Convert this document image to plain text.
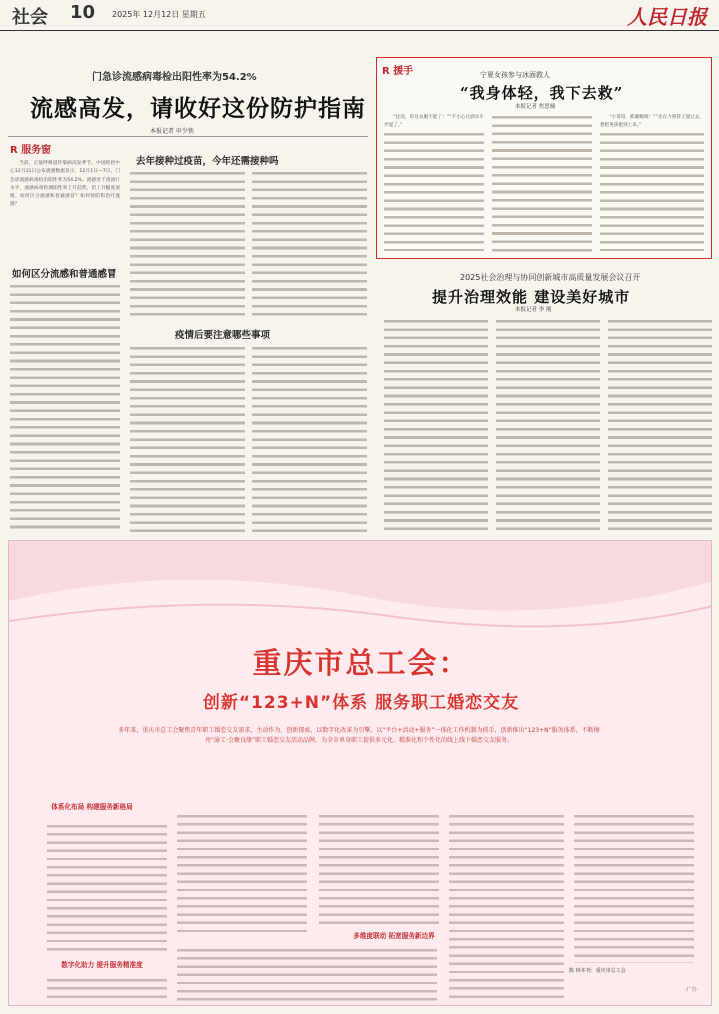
社会 10 2025年 12月12日 星期五	人民日报
门急诊流感病毒检出阳性率为54.2%
流感高发，请收好这份防护指南
本报记者 申少铁
R 服务窗

当前，正值呼吸道传染病高发季节，中国疾控中心12月11日公布流感数据显示，12月1日—7日，门急诊流感病毒检出阳性率为54.2%。流感处于高流行水平，流感病毒检测阳性率上升趋势，但上升幅度放缓。如何区分流感和普通感冒？如何预防和治疗流感？

如何区分流感和普通感冒
去年接种过疫苗，今年还需接种吗
疫情后要注意哪些事项
R 援手	宁夏女孩参与冰面救人
“我身体轻，我下去救”
本报记者 焦思楠

“往前，你这衣服不能了！”“不小心让酒水车弄湿了。”

“小哥哥，抓紧她呀！”“先在力将管子递过去，想把男孩抱到上来。”

2025社会治理与协同创新城市高质量发展会议召开
提升治理效能 建设美好城市
本报记者 李 刚
重庆市总工会：
创新“123+N”体系 服务职工婚恋交友
多年来，重庆市总工会聚焦青年职工婚恋交友需求，主动作为、创新探索，以数字化改革为引擎，以“平台+活动+服务”一体化工作机制为抓手，创新推出“123+N”服务体系，不断擦亮“渝工·会聚良缘”职工婚恋交友活动品牌，为全市单身职工提供多元化、精准化和个性化的线上线下婚恋交友服务。
体系化布局 构建服务新格局
数字化助力 提升服务精准度
多维度联动 拓宽服务新边界
陈 林本刊：重庆市总工会
·广告·
